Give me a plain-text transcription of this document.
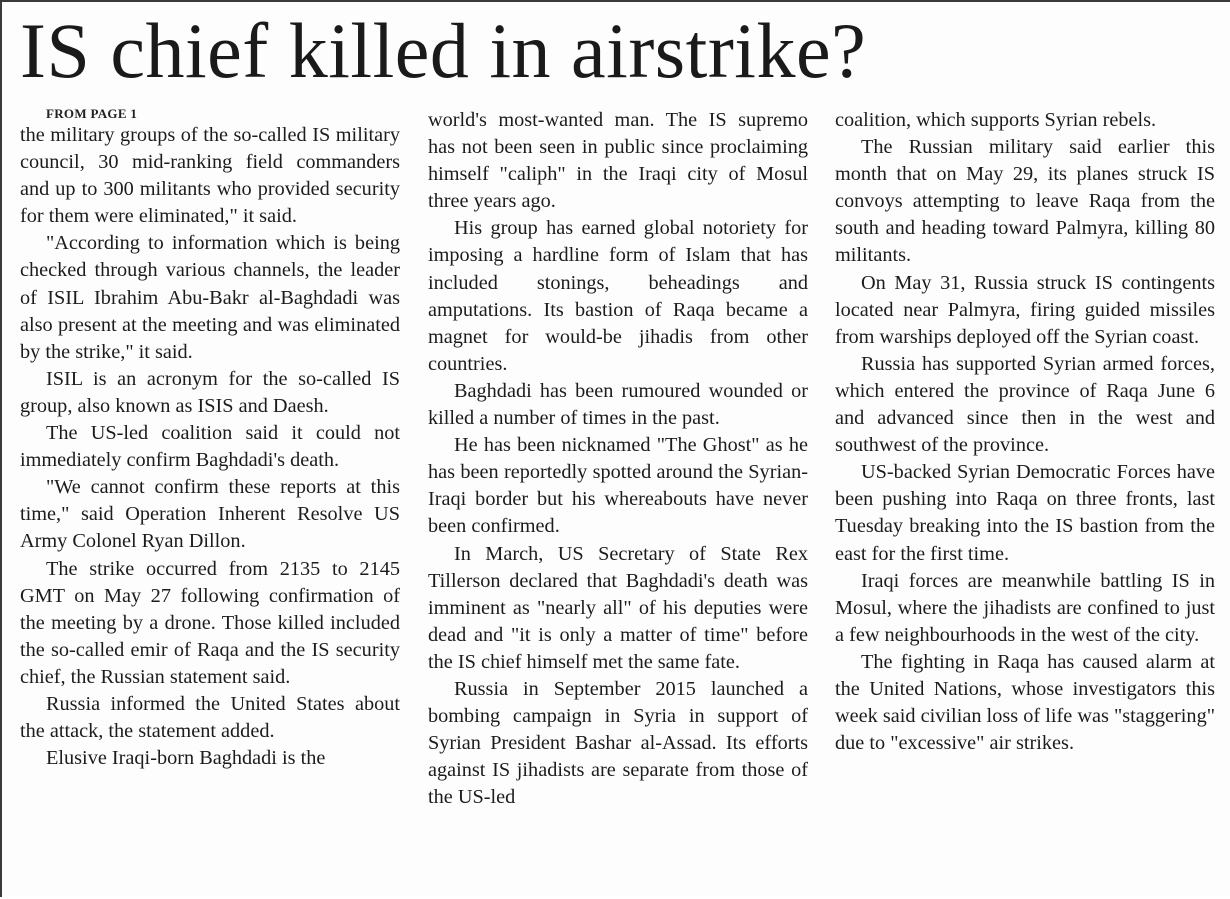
IS chief killed in airstrike?

FROM PAGE 1

the military groups of the so-called IS military council, 30 mid-ranking field commanders and up to 300 militants who provided security for them were eliminated," it said.

"According to information which is being checked through various channels, the leader of ISIL Ibrahim Abu-Bakr al-Baghdadi was also present at the meeting and was eliminated by the strike," it said.

ISIL is an acronym for the so-called IS group, also known as ISIS and Daesh.

The US-led coalition said it could not immediately confirm Baghdadi's death.

"We cannot confirm these reports at this time," said Operation Inherent Resolve US Army Colonel Ryan Dillon.

The strike occurred from 2135 to 2145 GMT on May 27 following confirmation of the meeting by a drone. Those killed included the so-called emir of Raqa and the IS security chief, the Russian statement said.

Russia informed the United States about the attack, the statement added.

Elusive Iraqi-born Baghdadi is the

world's most-wanted man. The IS supremo has not been seen in public since proclaiming himself "caliph" in the Iraqi city of Mosul three years ago.

His group has earned global notoriety for imposing a hardline form of Islam that has included stonings, beheadings and amputations. Its bastion of Raqa became a magnet for would-be jihadis from other countries.

Baghdadi has been rumoured wounded or killed a number of times in the past.

He has been nicknamed "The Ghost" as he has been reportedly spotted around the Syrian-Iraqi border but his whereabouts have never been confirmed.

In March, US Secretary of State Rex Tillerson declared that Baghdadi's death was imminent as "nearly all" of his deputies were dead and "it is only a matter of time" before the IS chief himself met the same fate.

Russia in September 2015 launched a bombing campaign in Syria in support of Syrian President Bashar al-Assad. Its efforts against IS jihadists are separate from those of the US-led

coalition, which supports Syrian rebels.

The Russian military said earlier this month that on May 29, its planes struck IS convoys attempting to leave Raqa from the south and heading toward Palmyra, killing 80 militants.

On May 31, Russia struck IS contingents located near Palmyra, firing guided missiles from warships deployed off the Syrian coast.

Russia has supported Syrian armed forces, which entered the province of Raqa June 6 and advanced since then in the west and southwest of the province.

US-backed Syrian Democratic Forces have been pushing into Raqa on three fronts, last Tuesday breaking into the IS bastion from the east for the first time.

Iraqi forces are meanwhile battling IS in Mosul, where the jihadists are confined to just a few neighbourhoods in the west of the city.

The fighting in Raqa has caused alarm at the United Nations, whose investigators this week said civilian loss of life was "staggering" due to "excessive" air strikes.
